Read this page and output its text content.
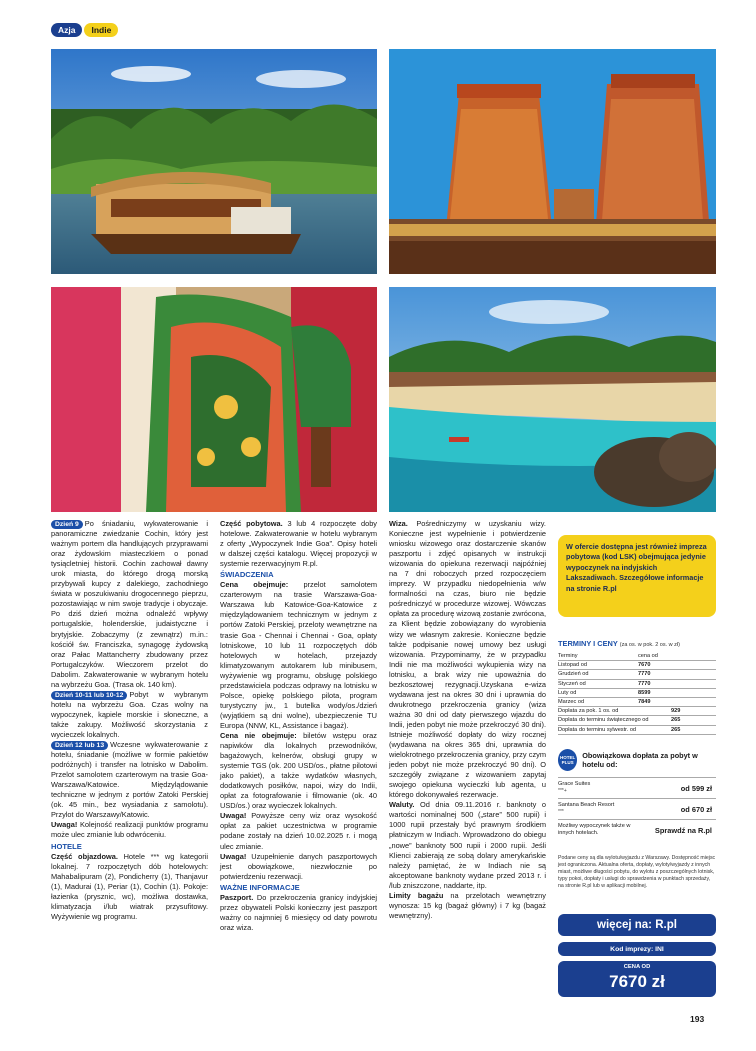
Azja	Indie

Dzień 9 Po śniadaniu, wykwaterowanie i panoramiczne zwiedzanie Cochin, który jest ważnym portem dla handlujących przyprawami oraz żydowskim miasteczkiem o ponad tysiącletniej historii. Cochin zachował dawny urok miasta, do którego drogą morską przybywali kupcy z dalekiego, zachodniego świata w poszukiwaniu drogocennego pieprzu, pozostawiając w nim swoje tradycje i obyczaje. Po dziś dzień można odnaleźć wpływy portugalskie, holenderskie, judaistyczne i brytyjskie. Zobaczymy (z zewnątrz) m.in.: kościół św. Franciszka, synagogę żydowską oraz Pałac Mattancherry zbudowany przez Portugalczyków. Wieczorem przelot do Dabolim. Zakwaterowanie w wybranym hotelu na wybrzeżu Goa. (Trasa ok. 140 km).

Dzień 10-11 lub 10-12 Pobyt w wybranym hotelu na wybrzeżu Goa. Czas wolny na wypoczynek, kąpiele morskie i słoneczne, a także zakupy. Możliwość skorzystania z wycieczek lokalnych.

Dzień 12 lub 13 Wczesne wykwaterowanie z hotelu, śniadanie (możliwe w formie pakietów podróżnych) i transfer na lotnisko w Dabolim. Przelot samolotem czarterowym na trasie Goa-Warszawa/Katowice. Międzylądowanie techniczne w jednym z portów Zatoki Perskiej (ok. 45 min., bez wysiadania z samolotu). Przylot do Warszawy/Katowic.

Uwaga! Kolejność realizacji punktów programu może ulec zmianie lub odwróceniu.

HOTELE

Część objazdowa. Hotele *** wg kategorii lokalnej. 7 rozpoczętych dób hotelowych: Mahabalipuram (2), Pondicherry (1), Thanjavur (1), Madurai (1), Periar (1), Cochin (1). Pokoje: łazienka (prysznic, wc), możliwa dostawka, klimatyzacja i/lub wiatrak przysufitowy. Wyżywienie wg programu.

Część pobytowa. 3 lub 4 rozpoczęte doby hotelowe. Zakwaterowanie w hotelu wybranym z oferty „Wypoczynek Indie Goa”. Opisy hoteli w dalszej części katalogu. Więcej propozycji w systemie rezerwacyjnym R.pl.

ŚWIADCZENIA

Cena obejmuje: przelot samolotem czarterowym na trasie Warszawa-Goa-Warszawa lub Katowice-Goa-Katowice z międzylądowaniem technicznym w jednym z portów Zatoki Perskiej, przeloty wewnętrzne na trasie Goa - Chennai i Chennai - Goa, opłaty lotniskowe, 10 lub 11 rozpoczętych dób hotelowych w hotelach, przejazdy klimatyzowanym autokarem lub minibusem, wyżywienie wg programu, obsługę polskiego przedstawiciela podczas odprawy na lotnisku w Polsce, opiekę polskiego pilota, program turystyczny jw., 1 butelka wody/os./dzień (wyjątkiem są dni wolne), ubezpieczenie TU Europa (NNW, KL, Assistance i bagaż).

Cena nie obejmuje: biletów wstępu oraz napiwków dla lokalnych przewodników, bagażowych, kelnerów, obsługi grupy w systemie TGS (ok. 200 USD/os., płatne pilotowi jako pakiet), a także wydatków własnych, dodatkowych posiłków, napoi, wizy do Indii, opłat za fotografowanie i filmowanie (ok. 40 USD/os.) oraz wycieczek lokalnych.

Uwaga! Powyższe ceny wiz oraz wysokość opłat za pakiet uczestnictwa w programie podane zostały na dzień 10.02.2025 r. i mogą ulec zmianie.

Uwaga! Uzupełnienie danych paszportowych jest obowiązkowe, niezwłocznie po potwierdzeniu rezerwacji.

WAŻNE INFORMACJE

Paszport. Do przekroczenia granicy indyjskiej przez obywateli Polski konieczny jest paszport ważny co najmniej 6 miesięcy od daty powrotu oraz wiza.

Wiza. Pośredniczymy w uzyskaniu wizy. Konieczne jest wypełnienie i potwierdzenie wniosku wizowego oraz dostarczenie skanów paszportu i zdjęć opisanych w instrukcji wizowania do opiekuna rezerwacji najpóźniej na 7 dni roboczych przed rozpoczęciem imprezy. W przypadku niedopełnienia w/w formalności na czas, biuro nie będzie pośredniczyć w procedurze wizowej. Wówczas opłata za procedurę wizową zostanie zwrócona, za Klient będzie zobowiązany do wyrobienia wizy we własnym zakresie. Konieczne będzie także podpisanie nowej umowy bez usługi wizowania. Przypominamy, że w przypadku Indii nie ma możliwości wykupienia wizy na lotnisku, a brak wizy nie upoważnia do bezkosztowej rezygnacji.Uzyskana e-wiza wydawana jest na okres 30 dni i uprawnia do dwukrotnego przekroczenia granicy (wiza ważna 30 dni od daty pierwszego wjazdu do Indii, jeden pobyt nie może przekroczyć 30 dni). Istnieje możliwość dopłaty do wizy rocznej (wydawana na okres 365 dni, uprawnia do wielokrotnego przekroczenia granicy, przy czym jeden pobyt nie może przekroczyć 90 dni). O szczegóły związane z wizowaniem zapytaj swojego opiekuna wycieczki lub agenta, u którego dokonywałeś rezerwacje.

Waluty. Od dnia 09.11.2016 r. banknoty o wartości nominalnej 500 („stare” 500 rupii) i 1000 rupii przestały być prawnym środkiem płatniczym w Indiach. Wprowadzono do obiegu „nowe” banknoty 500 rupii i 2000 rupii. Jeśli Klienci zabierają ze sobą dolary amerykańskie należy pamiętać, że w Indiach nie są akceptowane banknoty wydane przed 2013 r. i /lub zniszczone, naddarte, itp.

Limity bagażu na przelotach wewnętrzny wynosza: 15 kg (bagaż główny) i 7 kg (bagaż wewnętrzny).

W ofercie dostępna jest również impreza pobytowa (kod LSK) obejmująca jedynie wypoczynek na indyjskich Lakszadiwach. Szczegółowe informacje na stronie R.pl
TERMINY I CENY (za os. w pok. 2 os. w zł)
Terminy	cena od
Listopad od	7670
Grudzień od	7770
Styczeń od	7770
Luty od	8599
Marzec od	7849
Dopłata za pok. 1 os. od	929
Dopłata do terminu świątecznego od	265
Dopłata do terminu sylwestr. od	265
HOTEL PLUS
Obowiązkowa dopłata za pobyt w hotelu od:
Grace Suites
***+	od 599 zł
Santana Beach Resort
***	od 670 zł
Możliwy wypoczynek także w innych hotelach.	Sprawdź na R.pl
Podane ceny są dla wylotu/wyjazdu z Warszawy. Dostępność miejsc jest ograniczona. Aktualna oferta, dopłaty, wyloty/wyjazdy z innych miast, możliwe długości pobytu, do wylotu z poszczególnych lotnisk, typy pokoi, dopłaty i usługi do sprawdzenia w punktach sprzedaży, na stronie R.pl lub w aplikacji mobilnej.
więcej na: R.pl
Kod imprezy: INI
CENA OD
7670 zł
193
